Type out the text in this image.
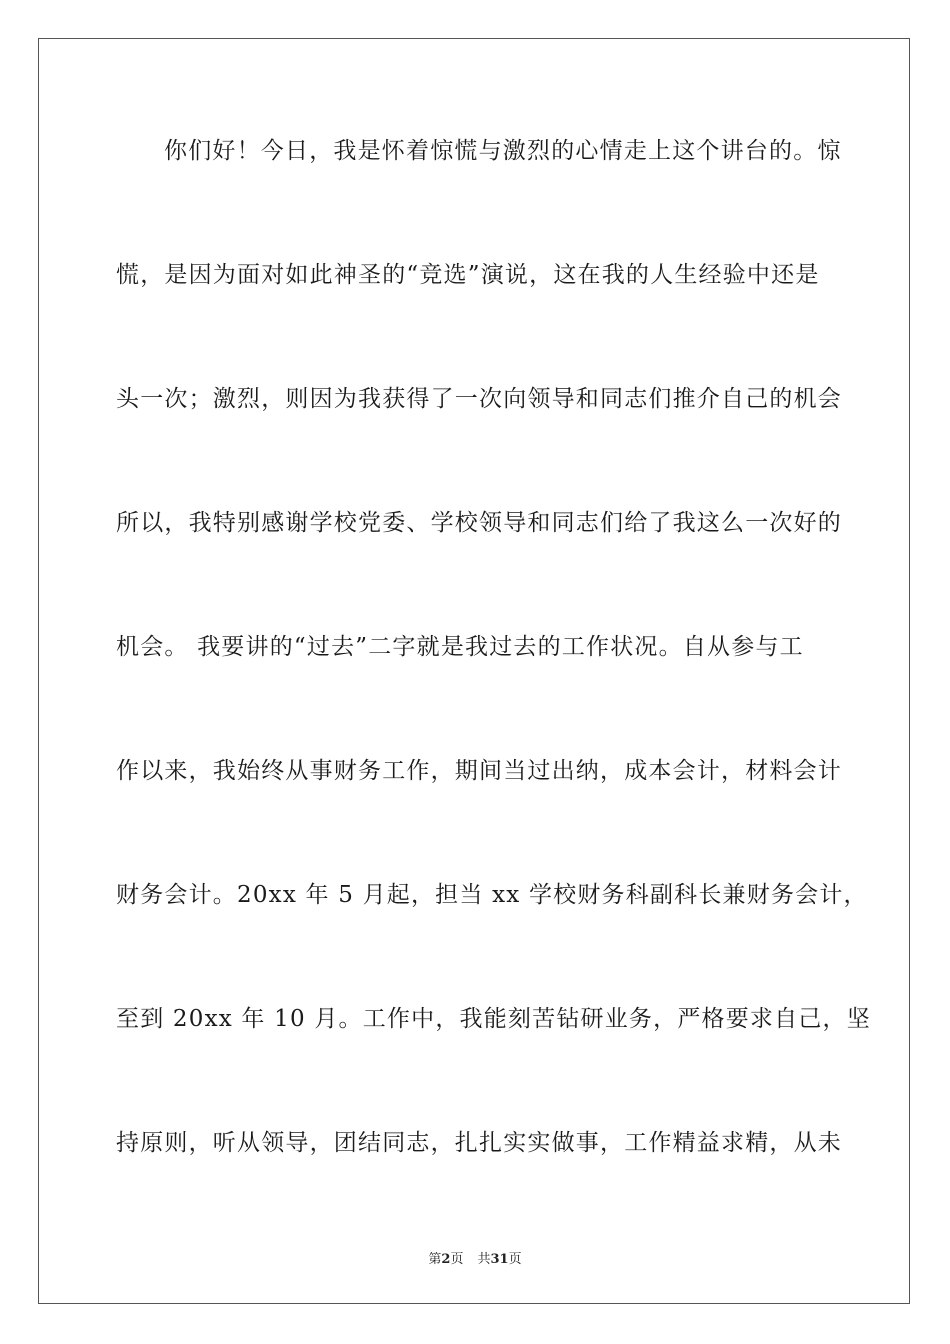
你们好！今日，我是怀着惊慌与激烈的心情走上这个讲台的。惊
慌，是因为面对如此神圣的“竞选”演说，这在我的人生经验中还是
头一次；激烈，则因为我获得了一次向领导和同志们推介自己的机会
所以，我特别感谢学校党委、学校领导和同志们给了我这么一次好的
机会。 我要讲的“过去”二字就是我过去的工作状况。自从参与工
作以来，我始终从事财务工作，期间当过出纳，成本会计，材料会计
财务会计。20xx 年 5 月起，担当 xx 学校财务科副科长兼财务会计，
至到 20xx 年 10 月。工作中，我能刻苦钻研业务，严格要求自己，坚
持原则，听从领导，团结同志，扎扎实实做事，工作精益求精，从未
第2页 共31页
